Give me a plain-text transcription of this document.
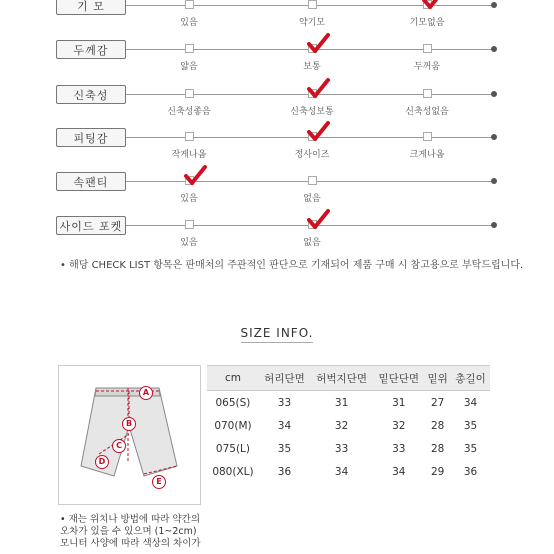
기 모
있음	약기모	기모없음
두께감
얇음	보통	두꺼움
신축성
신축성좋음	신축성보통	신축성없음
피팅감
작게나옴	정사이즈	크게나옴
속팬티
있음	없음
사이드 포켓
있음	없음
• 해당 CHECK LIST 항목은 판매처의 주관적인 판단으로 기재되어 제품 구매 시 참고용으로 부탁드립니다.
SIZE INFO.
A
B
C
D
E
cm	허리단면	허벅지단면	밑단단면	밑위	총길이
065(S)	33	31	31	27	34
070(M)	34	32	32	28	35
075(L)	35	33	33	28	35
080(XL)	36	34	34	29	36
• 재는 위치나 방법에 따라 약간의
오차가 있을 수 있으며 (1~2cm)
모니터 사양에 따라 색상의 차이가
